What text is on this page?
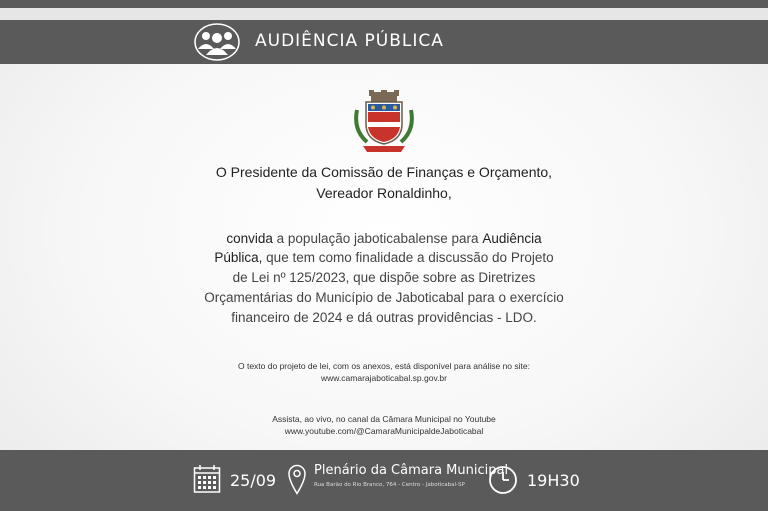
AUDIÊNCIA PÚBLICA
O Presidente da Comissão de Finanças e Orçamento,
Vereador Ronaldinho,
convida a população jaboticabalense para Audiência
Pública, que tem como finalidade a discussão do Projeto
de Lei nº 125/2023, que dispõe sobre as Diretrizes
Orçamentárias do Município de Jaboticabal para o exercício
financeiro de 2024 e dá outras providências - LDO.
O texto do projeto de lei, com os anexos, está disponível para análise no site:
www.camarajaboticabal.sp.gov.br
Assista, ao vivo, no canal da Câmara Municipal no Youtube
www.youtube.com/@CamaraMunicipaldeJaboticabal
25/09
Plenário da Câmara Municipal
Rua Barão do Rio Branco, 764 - Centro - Jaboticabal-SP	19H30
